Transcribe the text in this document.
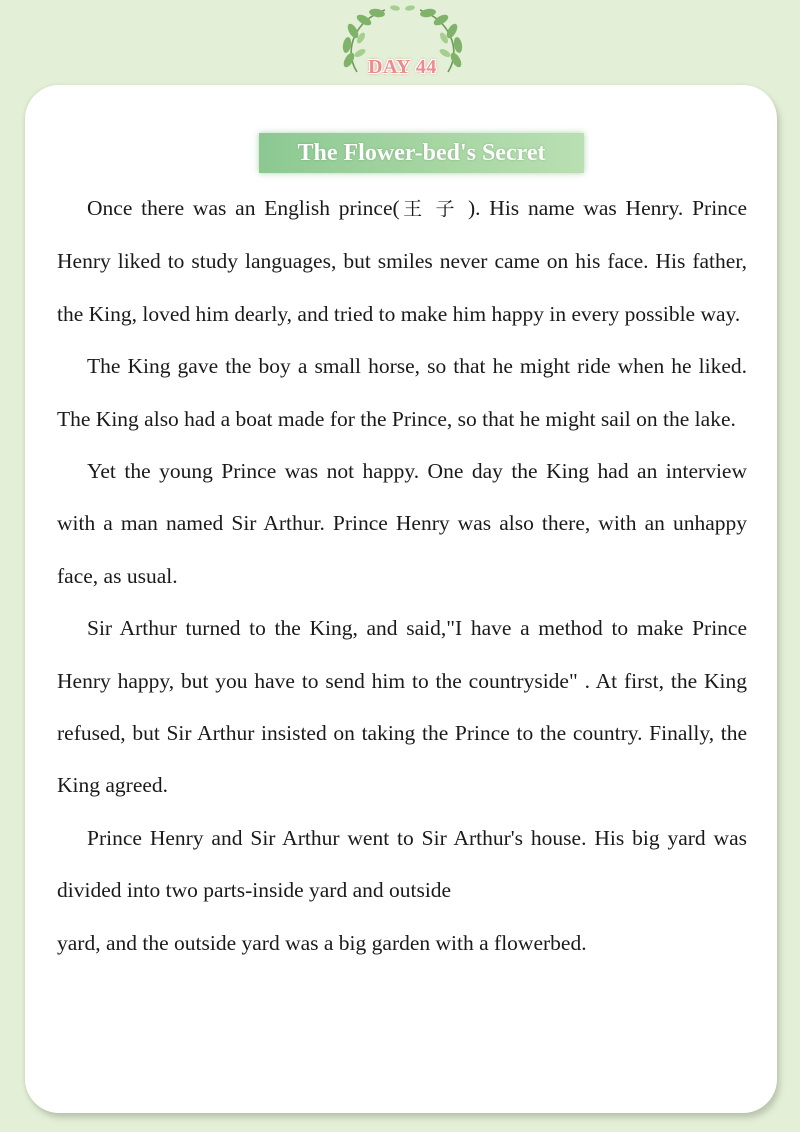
DAY 44
The Flower-bed's Secret

Once there was an English prince(王子). His name was Henry. Prince Henry liked to study languages, but smiles never came on his face. His father, the King, loved him dearly, and tried to make him happy in every possible way.

The King gave the boy a small horse, so that he might ride when he liked. The King also had a boat made for the Prince, so that he might sail on the lake.

Yet the young Prince was not happy. One day the King had an interview with a man named Sir Arthur. Prince Henry was also there, with an unhappy face, as usual.

Sir Arthur turned to the King, and said,"I have a method to make Prince Henry happy, but you have to send him to the countryside" . At first, the King refused, but Sir Arthur insisted on taking the Prince to the country. Finally, the King agreed.

Prince Henry and Sir Arthur went to Sir Arthur's house. His big yard was divided into two parts-inside yard and outside

yard, and the outside yard was a big garden with a flowerbed.
